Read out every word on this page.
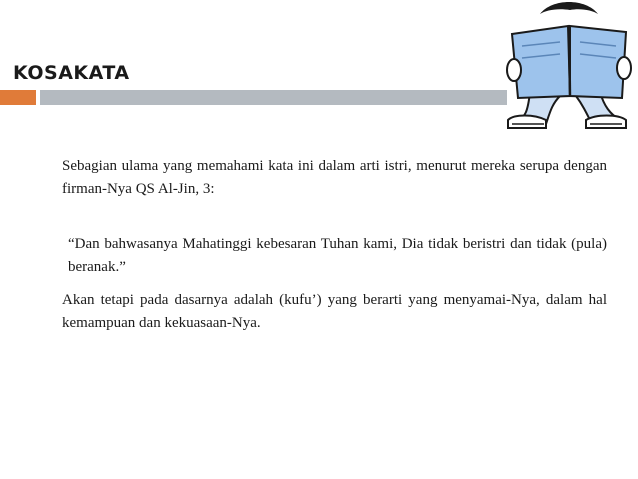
KOSAKATA

Sebagian ulama yang memahami kata ini dalam arti istri, menurut mereka serupa dengan firman-Nya QS Al-Jin, 3:

“Dan bahwasanya Mahatinggi kebesaran Tuhan kami, Dia tidak beristri dan tidak (pula) beranak.”

Akan tetapi pada dasarnya adalah (kufu’) yang berarti yang menyamai-Nya, dalam hal kemampuan dan kekuasaan-Nya.
